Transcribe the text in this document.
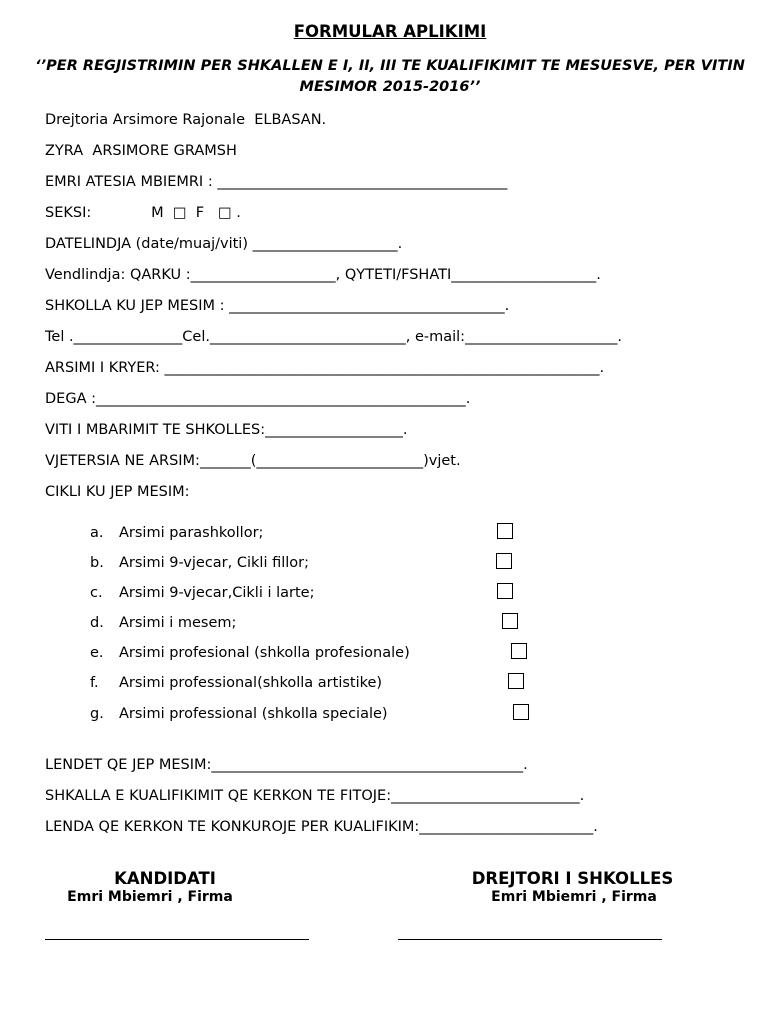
FORMULAR APLIKIMI
‘’PER REGJISTRIMIN PER SHKALLEN E I, II, III TE KUALIFIKIMIT TE MESUESVE, PER VITIN MESIMOR 2015-2016’’
Drejtoria Arsimore Rajonale  ELBASAN.
ZYRA  ARSIMORE GRAMSH
EMRI ATESIA MBIEMRI : ________________________________________
SEKSI:             M  □  F   □ .
DATELINDJA (date/muaj/viti) ____________________.
Vendlindja: QARKU :____________________, QYTETI/FSHATI____________________.
SHKOLLA KU JEP MESIM : ______________________________________.
Tel ._______________Cel.___________________________, e-mail:_____________________.
ARSIMI I KRYER: ____________________________________________________________.
DEGA :___________________________________________________.
VITI I MBARIMIT TE SHKOLLES:___________________.
VJETERSIA NE ARSIM:_______(_______________________)vjet.
CIKLI KU JEP MESIM:
a. Arsimi parashkollor;
b. Arsimi 9-vjecar, Cikli fillor;
c. Arsimi 9-vjecar,Cikli i larte;
d. Arsimi i mesem;
e. Arsimi profesional (shkolla profesionale)
f. Arsimi professional(shkolla artistike)
g. Arsimi professional (shkolla speciale)
LENDET QE JEP MESIM:___________________________________________.
SHKALLA E KUALIFIKIMIT QE KERKON TE FITOJE:__________________________.
LENDA QE KERKON TE KONKUROJE PER KUALIFIKIM:________________________.
KANDIDATI
Emri Mbiemri , Firma
DREJTORI I SHKOLLES
Emri Mbiemri , Firma
